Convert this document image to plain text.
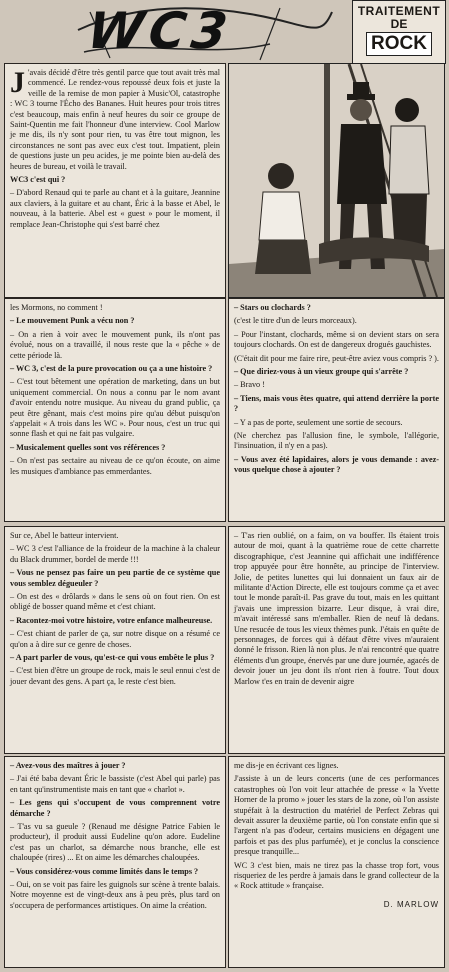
WC3	TRAITEMENT
DE
ROCK

J 'avais décidé d'être très gentil parce que tout avait très mal commencé. Le rendez-vous repoussé deux fois et juste la veille de la remise de mon papier à Music'Ol, catastrophe : WC 3 tourne l'Écho des Bananes. Huit heures pour trois titres c'est beaucoup, mais enfin à neuf heures du soir ce groupe de Saint-Quentin me fait l'honneur d'une interview. Cool Marlow je me dis, ils n'y sont pour rien, tu vas être tout mignon, les circonstances ne sont pas avec eux c'est tout. Impatient, plein de questions juste un peu acides, je me pointe bien au-delà des heures de bureau, et voilà le travail.

WC3 c'est qui ?

– D'abord Renaud qui te parle au chant et à la guitare, Jeannine aux claviers, à la guitare et au chant, Éric à la basse et Abel, le nouveau, à la batterie. Abel est « guest » pour le moment, il remplace Jean-Christophe qui s'est barré chez

les Mormons, no comment !

– Le mouvement Punk a vécu non ?

– On a rien à voir avec le mouvement punk, ils n'ont pas évolué, nous on a travaillé, il nous reste que la « pêche » de cette période là.

– WC 3, c'est de la pure provocation ou ça a une histoire ?

– C'est tout bêtement une opération de marketing, dans un but uniquement commercial. On nous a connu par le nom avant d'avoir entendu notre musique. Au niveau du grand public, ça peut être gênant, mais c'est moins pire qu'au début puisqu'on s'appelait « A trois dans les WC ». Pour nous, c'est un truc qui sonne flash et qui ne fait pas vulgaire.

– Musicalement quelles sont vos références ?

– On n'est pas sectaire au niveau de ce qu'on écoute, on aime les musiques d'ambiance pas emmerdantes.

– Stars ou clochards ?

(c'est le titre d'un de leurs morceaux).

– Pour l'instant, clochards, même si on devient stars on sera toujours clochards. On est de dangereux drogués gauchistes.

(C'était dit pour me faire rire, peut-être aviez vous compris ? ).

– Que diriez-vous à un vieux groupe qui s'arrête ?

– Bravo !

– Tiens, mais vous êtes quatre, qui attend derrière la porte ?

– Y a pas de porte, seulement une sortie de secours.

(Ne cherchez pas l'allusion fine, le symbole, l'allégorie, l'insinuation, il n'y en a pas).

– Vous avez été lapidaires, alors je vous demande : avez-vous quelque chose à ajouter ?

Sur ce, Abel le batteur intervient.

– WC 3 c'est l'alliance de la froideur de la machine à la chaleur du Black drummer, bordel de merde !!!

– Vous ne pensez pas faire un peu partie de ce système que vous semblez dégueuler ?

– On est des « drôlards » dans le sens où on fout rien. On est obligé de bosser quand même et c'est chiant.

– Racontez-moi votre histoire, votre enfance malheureuse.

– C'est chiant de parler de ça, sur notre disque on a résumé ce qu'on a à dire sur ce genre de choses.

– A part parler de vous, qu'est-ce qui vous embête le plus ?

– C'est bien d'être un groupe de rock, mais le seul ennui c'est de jouer devant des gens. A part ça, le reste c'est bien.

– T'as rien oublié, on a faim, on va bouffer. Ils étaient trois autour de moi, quant à la quatrième roue de cette charrette discographique, c'est Jeannine qui affichait une indifférence trop appuyée pour être honnête, au principe de l'interview. Jolie, de petites lunettes qui lui donnaient un faux air de militante d'Action Directe, elle est toujours comme ça et avec tout le monde paraît-il. Pas grave du tout, mais en les quittant j'avais une impression bizarre. Leur disque, à vrai dire, m'avait intéressé sans m'emballer. Rien de neuf là dedans. Une resucée de tous les vieux thèmes punk. J'étais en quête de personnages, de forces qui à défaut d'être vives m'auraient donné le frisson. Rien là non plus. Je n'ai rencontré que quatre éléments d'un groupe, énervés par une dure journée, agacés de devoir jouer un jeu dont ils n'ont rien à foutre. Tout doux Marlow t'es en train de devenir aigre

– Avez-vous des maîtres à jouer ?

– J'ai été baba devant Éric le bassiste (c'est Abel qui parle) pas en tant qu'instrumentiste mais en tant que « charlot ».

– Les gens qui s'occupent de vous comprennent votre démarche ?

– T'as vu sa gueule ? (Renaud me désigne Patrice Fabien le producteur), il produit aussi Eudeline qu'on adore. Eudeline c'est pas un charlot, sa démarche nous branche, elle est chaloupée (rires) ... Et on aime les démarches chaloupées.

– Vous considérez-vous comme limités dans le temps ?

– Oui, on se voit pas faire les guignols sur scène à trente balais. Notre moyenne est de vingt-deux ans à peu près, plus tard on s'occupera de performances artistiques. On aime la création.

me dis-je en écrivant ces lignes.

J'assiste à un de leurs concerts (une de ces performances catastrophes où l'on voit leur attachée de presse « la Yvette Horner de la promo » jouer les stars de la zone, où l'on assiste stupéfait à la destruction du matériel de Perfect Zebras qui devait assurer la deuxième partie, où l'on constate enfin que si l'argent n'a pas d'odeur, certains musiciens en dégagent une parfois et pas des plus parfumée), et je conclus la conscience presque tranquille...

WC 3 c'est bien, mais ne tirez pas la chasse trop fort, vous risqueriez de les perdre à jamais dans le grand collecteur de la « Rock attitude » française.

D. MARLOW
